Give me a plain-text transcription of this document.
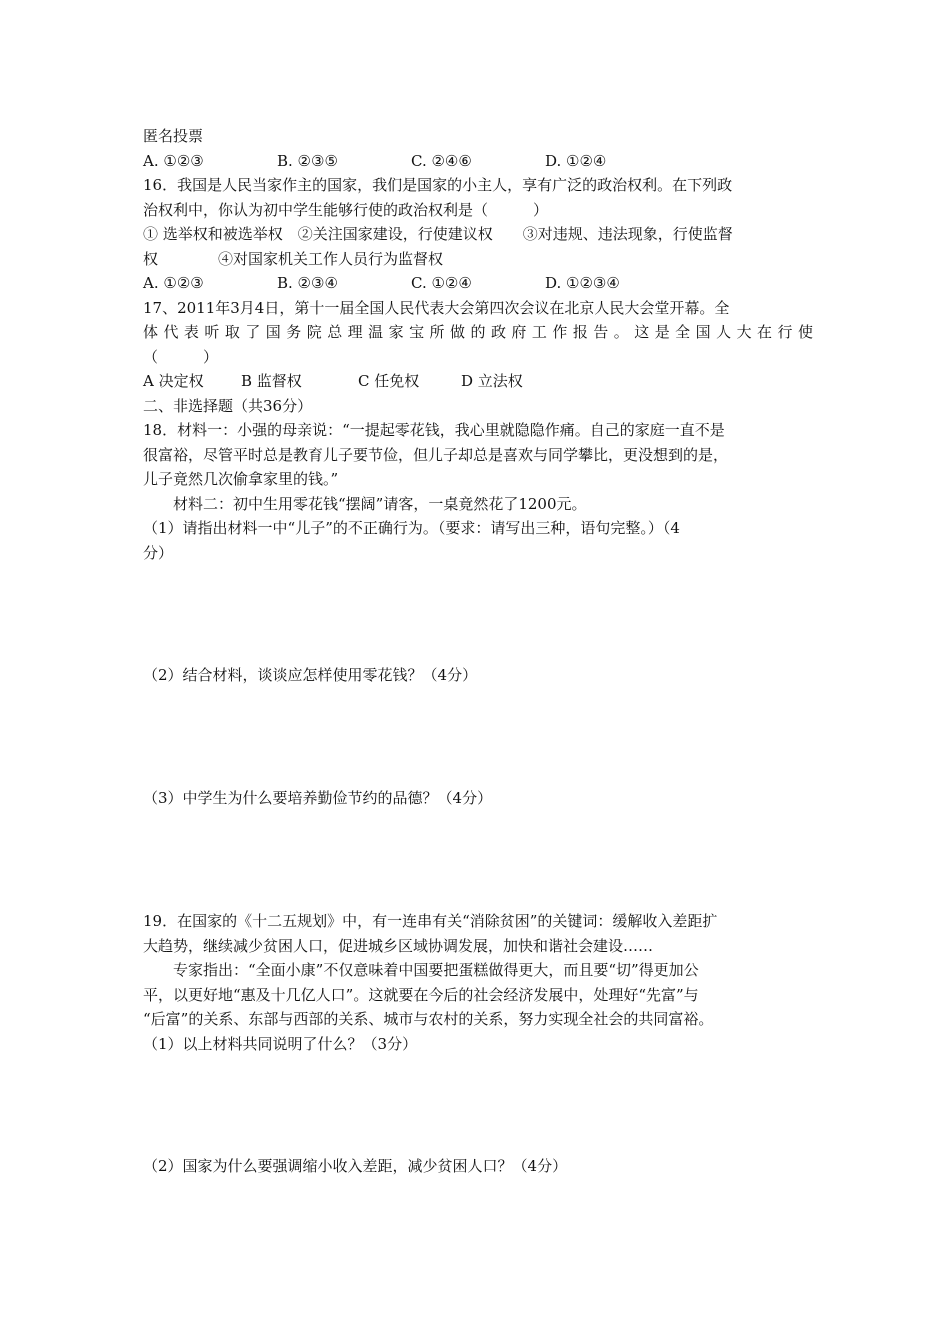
匿名投票
A. ①②③	B. ②③⑤	C. ②④⑥	D. ①②④
16．我国是人民当家作主的国家，我们是国家的小主人，享有广泛的政治权利。在下列政
治权利中，你认为初中学生能够行使的政治权利是（　　　）
① 选举权和被选举权　②关注国家建设，行使建议权　　③对违规、违法现象，行使监督
权　　　　④对国家机关工作人员行为监督权
A. ①②③	B. ②③④	C. ①②④	D. ①②③④
17、2011年3月4日，第十一届全国人民代表大会第四次会议在北京人民大会堂开幕。全
体代表听取了国务院总理温家宝所做的政府工作报告。这是全国人大在行使
（　　　）
A 决定权	B 监督权	C 任免权	D 立法权
二、非选择题（共36分）
18．材料一：小强的母亲说：“一提起零花钱，我心里就隐隐作痛。自己的家庭一直不是
很富裕，尽管平时总是教育儿子要节俭，但儿子却总是喜欢与同学攀比，更没想到的是，
儿子竟然几次偷拿家里的钱。”
材料二：初中生用零花钱“摆阔”请客，一桌竟然花了1200元。
（1）请指出材料一中“儿子”的不正确行为。（要求：请写出三种，语句完整。）（4
分）
（2）结合材料，谈谈应怎样使用零花钱？（4分）
（3）中学生为什么要培养勤俭节约的品德？（4分）
19．在国家的《十二五规划》中，有一连串有关“消除贫困”的关键词：缓解收入差距扩
大趋势，继续减少贫困人口，促进城乡区域协调发展，加快和谐社会建设……
专家指出：“全面小康”不仅意味着中国要把蛋糕做得更大，而且要“切”得更加公
平，以更好地“惠及十几亿人口”。这就要在今后的社会经济发展中，处理好“先富”与
“后富”的关系、东部与西部的关系、城市与农村的关系，努力实现全社会的共同富裕。
（1）以上材料共同说明了什么？（3分）
（2）国家为什么要强调缩小收入差距，减少贫困人口？（4分）
